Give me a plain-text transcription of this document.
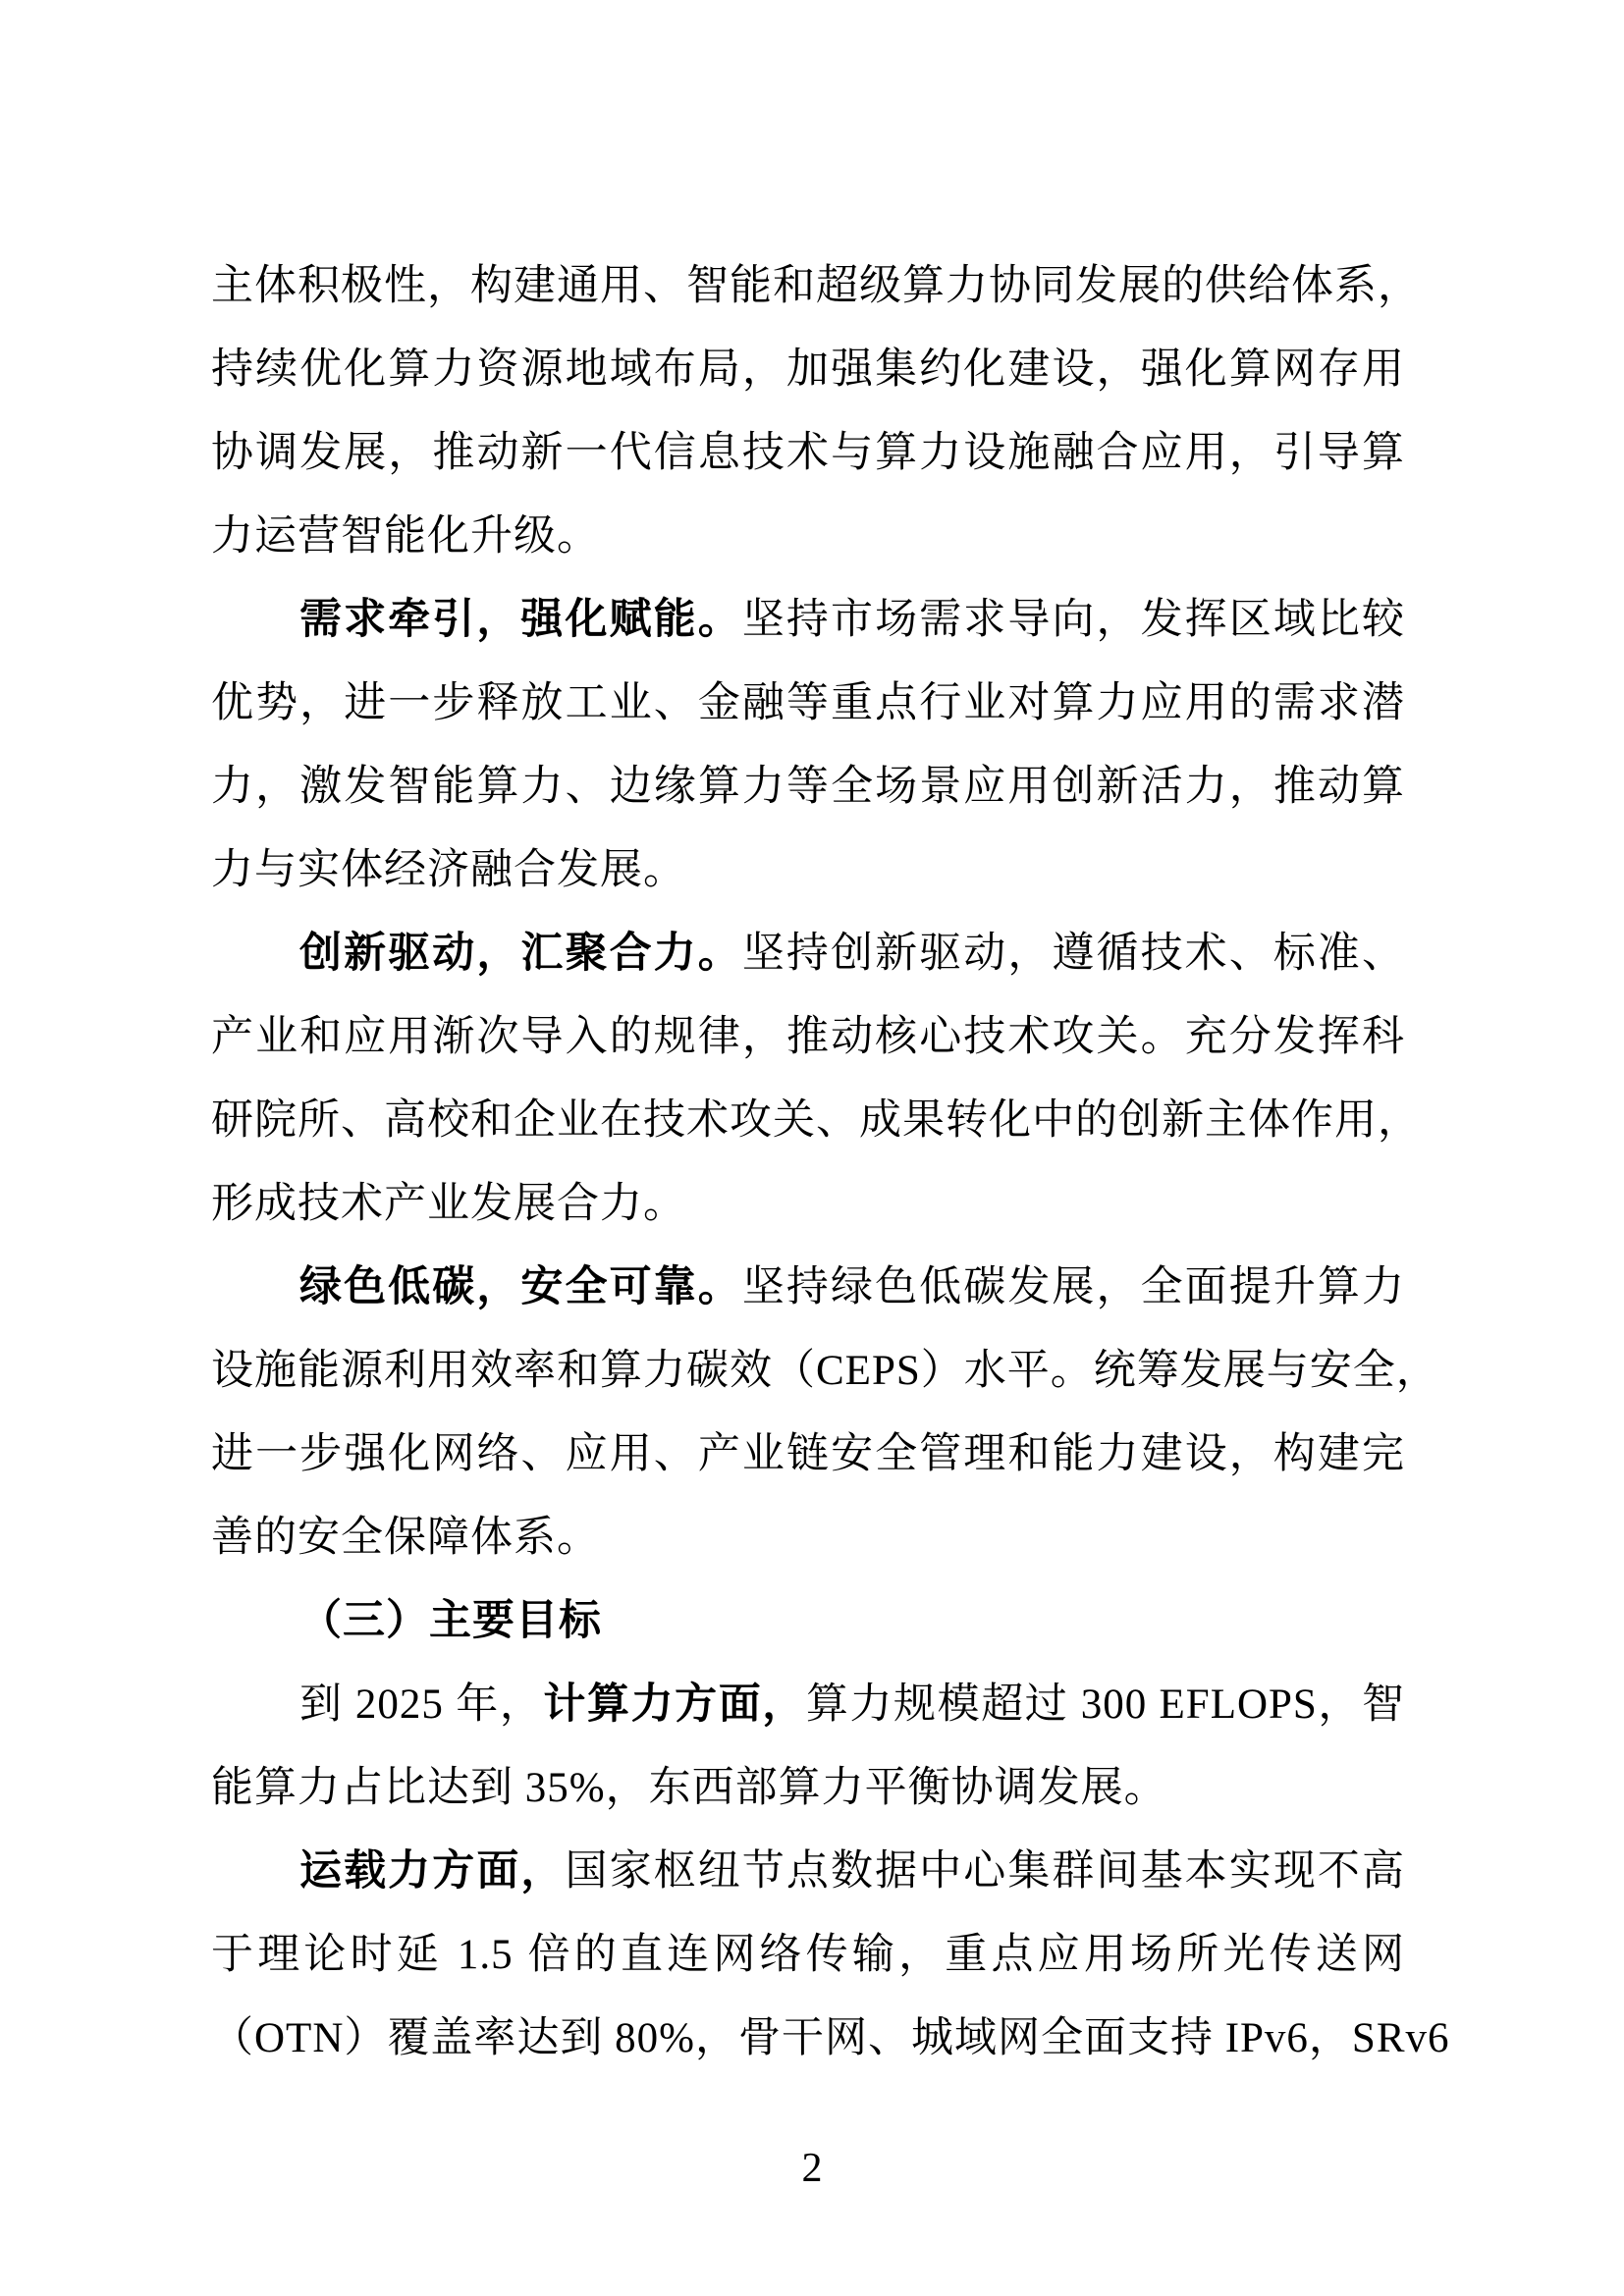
主体积极性，构建通用、智能和超级算力协同发展的供给体系，
持续优化算力资源地域布局，加强集约化建设，强化算网存用
协调发展，推动新一代信息技术与算力设施融合应用，引导算
力运营智能化升级。
需求牵引，强化赋能。坚持市场需求导向，发挥区域比较
优势，进一步释放工业、金融等重点行业对算力应用的需求潜
力，激发智能算力、边缘算力等全场景应用创新活力，推动算
力与实体经济融合发展。
创新驱动，汇聚合力。坚持创新驱动，遵循技术、标准、
产业和应用渐次导入的规律，推动核心技术攻关。充分发挥科
研院所、高校和企业在技术攻关、成果转化中的创新主体作用，
形成技术产业发展合力。
绿色低碳，安全可靠。坚持绿色低碳发展，全面提升算力
设施能源利用效率和算力碳效（CEPS）水平。统筹发展与安全，
进一步强化网络、应用、产业链安全管理和能力建设，构建完
善的安全保障体系。
（三）主要目标
到 2025 年，计算力方面，算力规模超过 300 EFLOPS，智
能算力占比达到 35%，东西部算力平衡协调发展。
运载力方面，国家枢纽节点数据中心集群间基本实现不高
于理论时延 1.5 倍的直连网络传输，重点应用场所光传送网
（OTN）覆盖率达到 80%，骨干网、城域网全面支持 IPv6，SRv6
2
